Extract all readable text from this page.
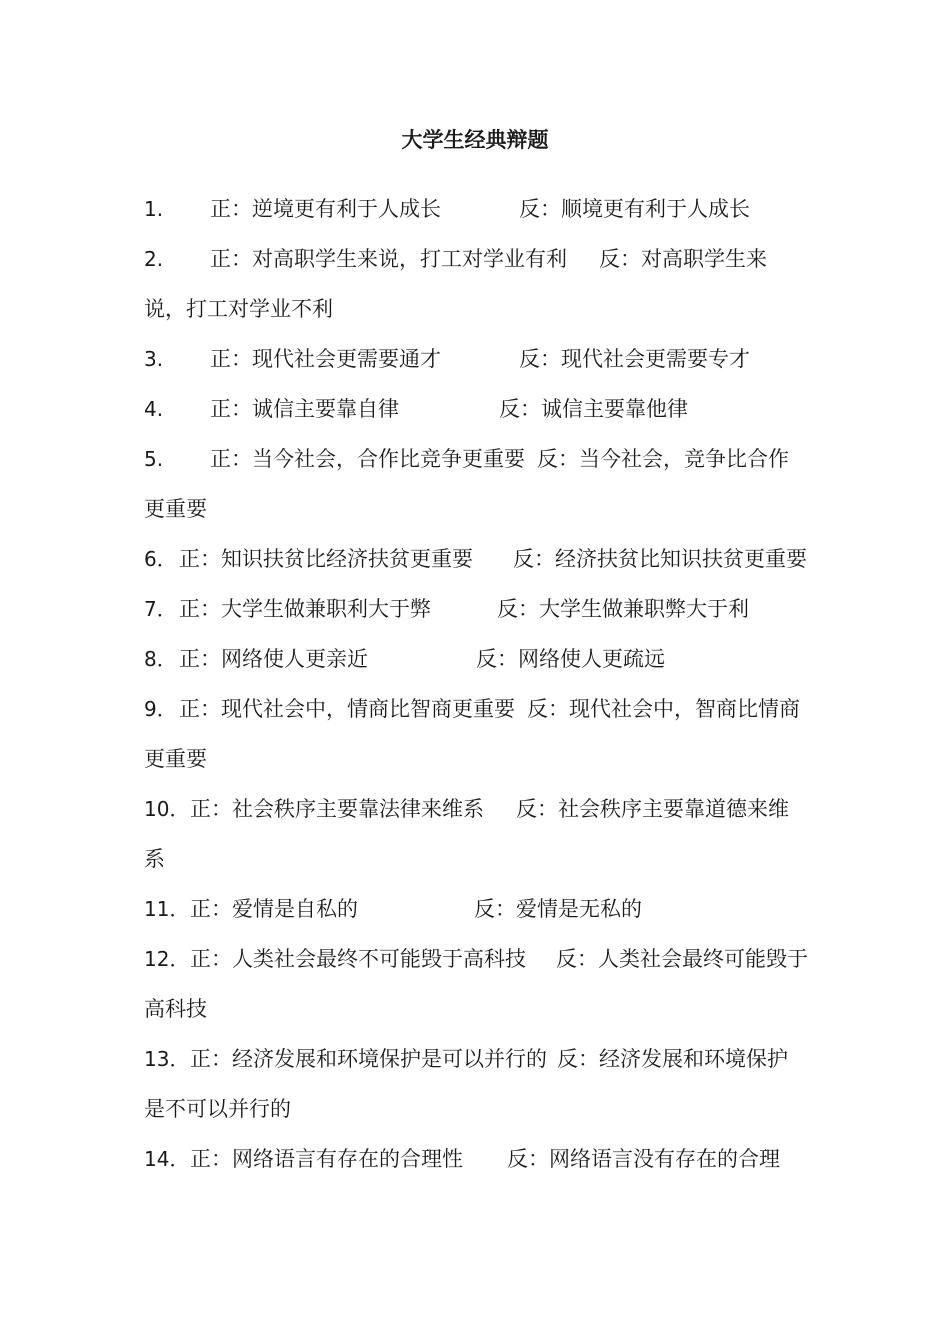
大学生经典辩题
1. 正：逆境更有利于人成长	反：顺境更有利于人成长
2. 正：对高职学生来说，打工对学业有利 反：对高职学生来说，打工对学业不利
3. 正：现代社会更需要通才	反：现代社会更需要专才
4. 正：诚信主要靠自律	反：诚信主要靠他律
5. 正：当今社会，合作比竞争更重要 反：当今社会，竞争比合作更重要
6． 正：知识扶贫比经济扶贫更重要 反：经济扶贫比知识扶贫更重要
7． 正：大学生做兼职利大于弊	反：大学生做兼职弊大于利
8． 正：网络使人更亲近	反：网络使人更疏远
9． 正：现代社会中，情商比智商更重要 反：现代社会中，智商比情商更重要
10．正：社会秩序主要靠法律来维系 反：社会秩序主要靠道德来维系
11．正：爱情是自私的	反：爱情是无私的
12．正：人类社会最终不可能毁于高科技 反：人类社会最终可能毁于高科技
13．正：经济发展和环境保护是可以并行的 反：经济发展和环境保护是不可以并行的
14．正：网络语言有存在的合理性 反：网络语言没有存在的合理
